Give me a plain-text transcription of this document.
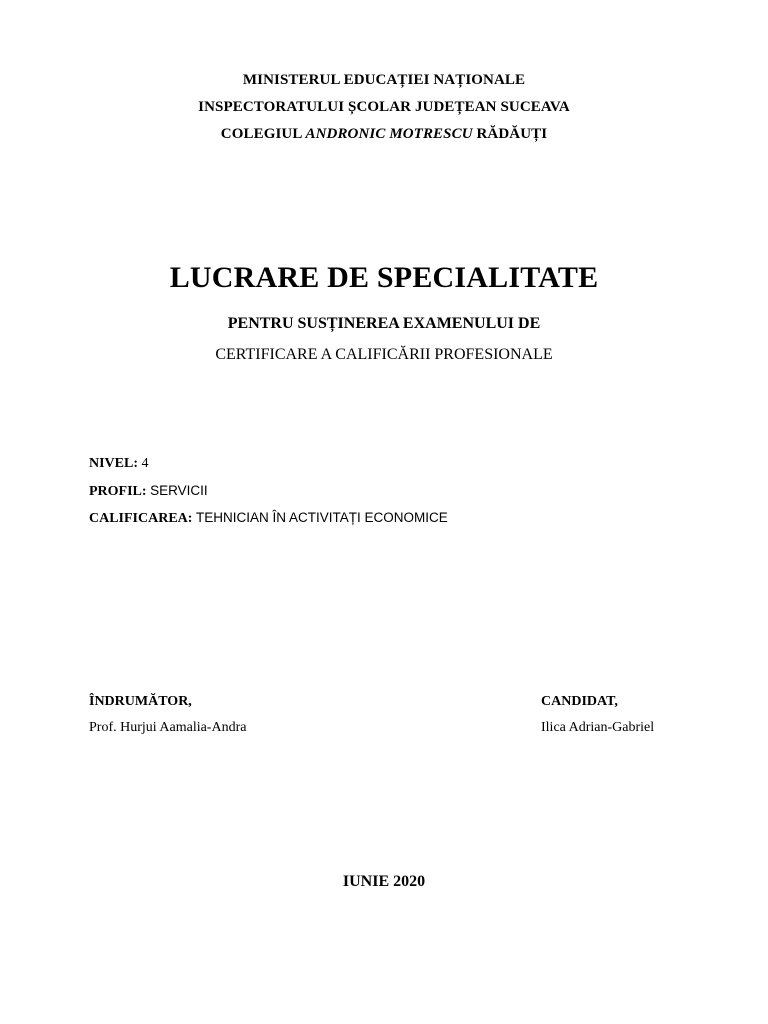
MINISTERUL EDUCAȚIEI NAȚIONALE
INSPECTORATULUI ȘCOLAR JUDEȚEAN SUCEAVA
COLEGIUL ANDRONIC MOTRESCU RĂDĂUȚI
LUCRARE DE SPECIALITATE
PENTRU SUSȚINEREA EXAMENULUI DE
CERTIFICARE A CALIFICĂRII PROFESIONALE
NIVEL: 4
PROFIL: SERVICII
CALIFICAREA: TEHNICIAN ÎN ACTIVITAȚI ECONOMICE
ÎNDRUMĂTOR,
Prof. Hurjui Aamalia-Andra
CANDIDAT,
Ilica Adrian-Gabriel
IUNIE 2020
